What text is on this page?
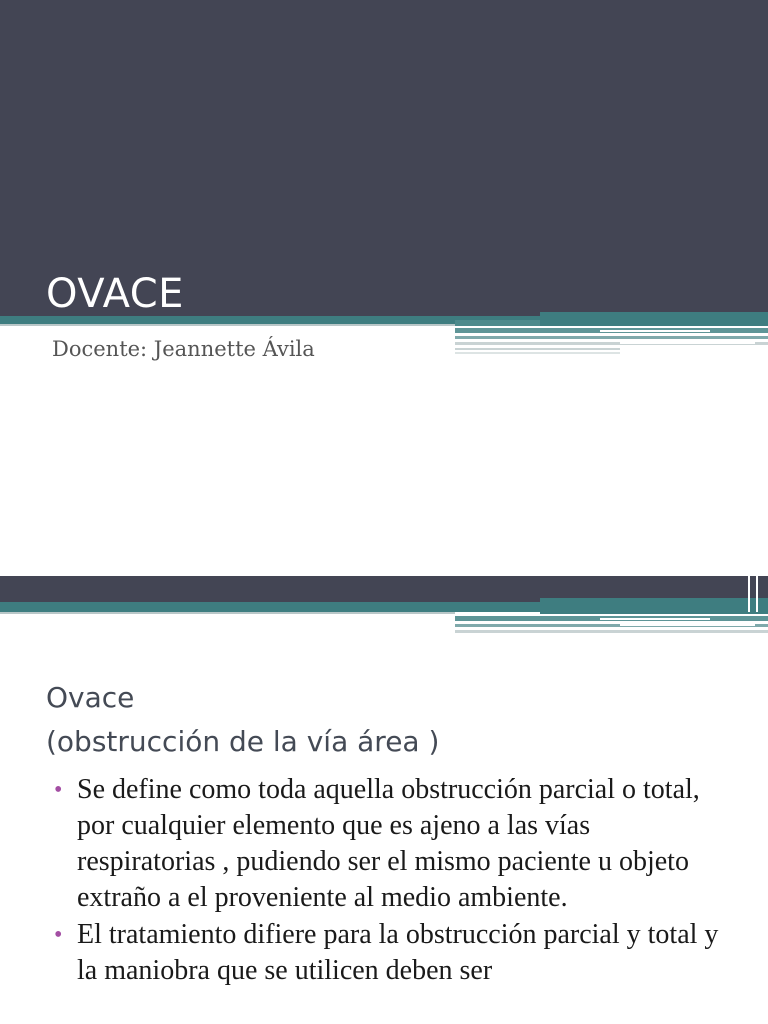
OVACE

Docente: Jeannette Ávila

Ovace
(obstrucción de la vía área )
• Se define como toda aquella obstrucción parcial o total, por cualquier elemento que es ajeno a las vías respiratorias , pudiendo ser el mismo paciente u objeto extraño a el proveniente al medio ambiente.
• El tratamiento difiere para la obstrucción parcial y total y la maniobra que se utilicen deben ser
